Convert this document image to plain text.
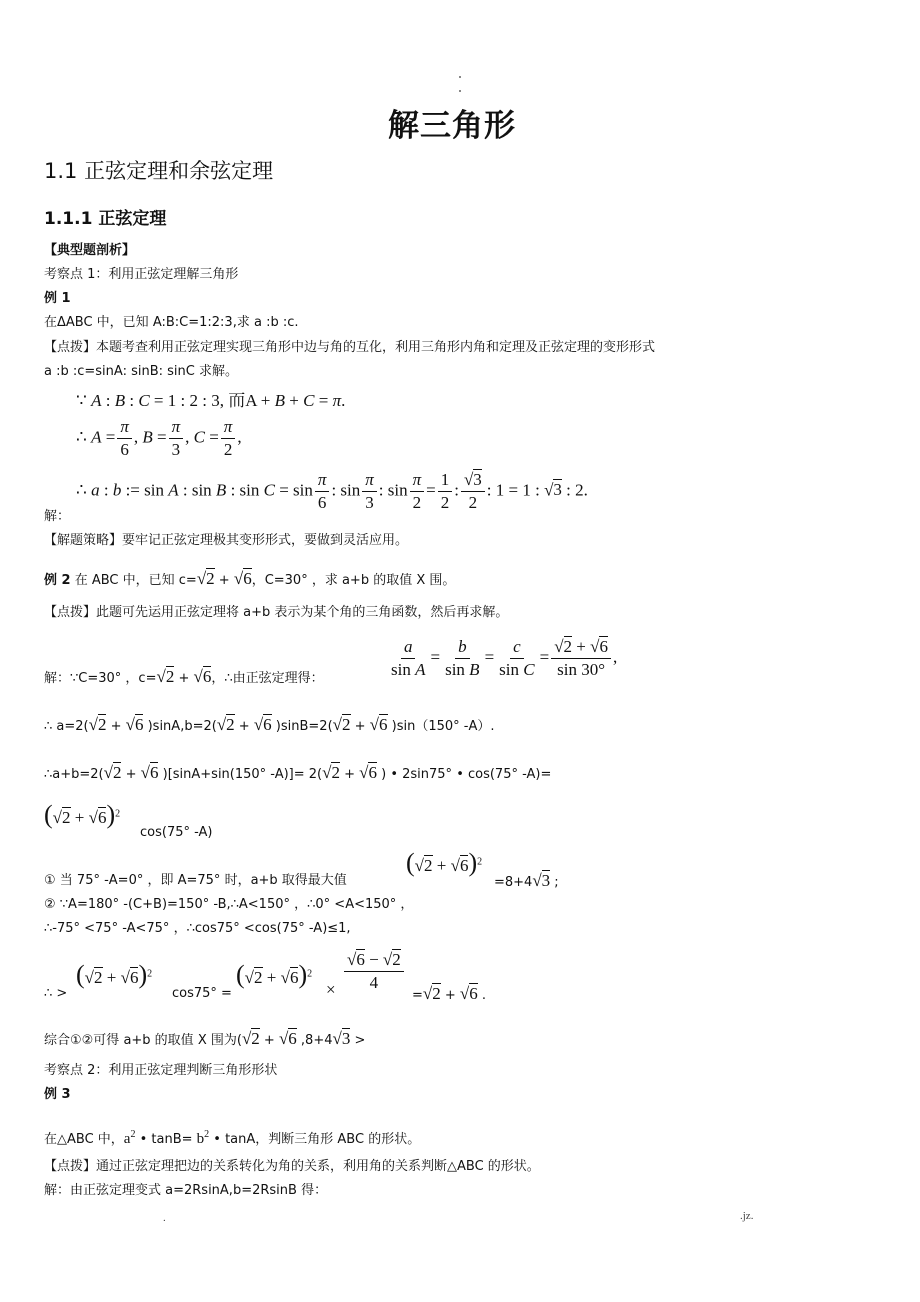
解三角形
1.1 正弦定理和余弦定理
1.1.1 正弦定理
【典型题剖析】
考察点 1：利用正弦定理解三角形
例 1
在ΔABC 中，已知 A:B:C=1:2:3,求 a :b :c.
【点拨】本题考查利用正弦定理实现三角形中边与角的互化，利用三角形内角和定理及正弦定理的变形形式
a :b :c=sinA: sinB: sinC 求解。
∵ A : B : C = 1 : 2 : 3, 而A + B + C = π.
∴ $A = \frac{\pi}{6}$ , $B = \frac{\pi}{3}$ , $C = \frac{\pi}{2}$ ,
∴ a : b := sin A : sin B : $\sin C = \sin \frac{\pi}{6}$ : $\sin \frac{\pi}{3}$ : $\sin \frac{\pi}{2} = \frac{1}{2}$ : $\frac{√3}{2}$ : 1 = 1 : √3 : 2.
解：
【解题策略】要牢记正弦定理极其变形形式，要做到灵活应用。
例 2 在 ABC 中，已知 c=√2 + √6，C=30° ，求 a+b 的取值 X 围。
【点拨】此题可先运用正弦定理将 a+b 表示为某个角的三角函数，然后再求解。
解：∵C=30° ，c=√2 + √6，∴由正弦定理得：	$\frac{a}{\text{sin A}} = \frac{b}{\text{sin B}} = \frac{c}{\text{sin C}} = \frac{√2 + √6}{\sin 30^\circ}$ ,
∴ a=2(√2 + √6 )sinA,b=2(√2 + √6 )sinB=2(√2 + √6 )sin（150° -A）.
∴a+b=2(√2 + √6 )[sinA+sin(150° -A)]= 2(√2 + √6 ) • 2sin75° • cos(75° -A)=
$(√2 + √6)^2$
cos(75° -A)
① 当 75° -A=0° ，即 A=75° 时，a+b 取得最大值
$(√2 + √6)^2$
=8+4√3 ;
② ∵A=180° -(C+B)=150° -B,∴A<150° ，∴0° <A<150° ，
∴-75° <75° -A<75° ，∴cos75° <cos(75° -A)≤1,
∴ >
$(√2 + √6)^2$
cos75° =
$(√2 + √6)^2$
× $\frac{√6 - √2}{4}$
=√2 + √6 .
综合①②可得 a+b 的取值 X 围为(√2 + √6 ,8+4√3 >
考察点 2：利用正弦定理判断三角形形状
例 3
在△ABC 中，$a^2$ • $\tan B= b^2$ • tanA，判断三角形 ABC 的形状。
【点拨】通过正弦定理把边的关系转化为角的关系，利用角的关系判断△ABC 的形状。
解：由正弦定理变式 a=2RsinA,b=2RsinB 得：
.	.jz.
